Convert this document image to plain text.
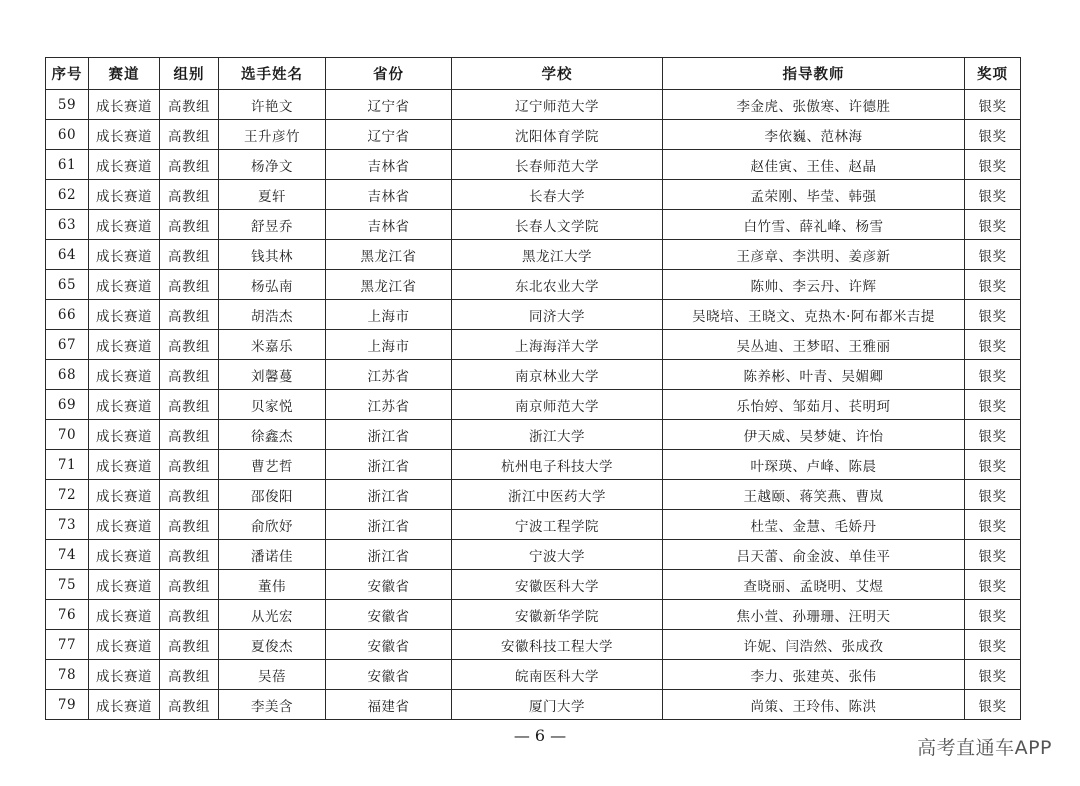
序号	赛道	组别	选手姓名	省份	学校	指导教师	奖项
59	成长赛道	高教组	许艳文	辽宁省	辽宁师范大学	李金虎、张傲寒、许德胜	银奖
60	成长赛道	高教组	王升彦竹	辽宁省	沈阳体育学院	李依巍、范林海	银奖
61	成长赛道	高教组	杨净文	吉林省	长春师范大学	赵佳寅、王佳、赵晶	银奖
62	成长赛道	高教组	夏轩	吉林省	长春大学	孟荣刚、毕莹、韩强	银奖
63	成长赛道	高教组	舒昱乔	吉林省	长春人文学院	白竹雪、薛礼峰、杨雪	银奖
64	成长赛道	高教组	钱其林	黑龙江省	黑龙江大学	王彦章、李洪明、姜彦新	银奖
65	成长赛道	高教组	杨弘南	黑龙江省	东北农业大学	陈帅、李云丹、许辉	银奖
66	成长赛道	高教组	胡浩杰	上海市	同济大学	吴晓培、王晓文、克热木·阿布都米吉提	银奖
67	成长赛道	高教组	米嘉乐	上海市	上海海洋大学	吴丛迪、王梦昭、王雅丽	银奖
68	成长赛道	高教组	刘馨蔓	江苏省	南京林业大学	陈养彬、叶青、吴媚卿	银奖
69	成长赛道	高教组	贝家悦	江苏省	南京师范大学	乐怡婷、邹茹月、苌明珂	银奖
70	成长赛道	高教组	徐鑫杰	浙江省	浙江大学	伊天威、吴梦婕、许怡	银奖
71	成长赛道	高教组	曹艺哲	浙江省	杭州电子科技大学	叶琛瑛、卢峰、陈晨	银奖
72	成长赛道	高教组	邵俊阳	浙江省	浙江中医药大学	王越颐、蒋笑燕、曹岚	银奖
73	成长赛道	高教组	俞欣妤	浙江省	宁波工程学院	杜莹、金慧、毛娇丹	银奖
74	成长赛道	高教组	潘诺佳	浙江省	宁波大学	吕天蕾、俞金波、单佳平	银奖
75	成长赛道	高教组	董伟	安徽省	安徽医科大学	查晓丽、孟晓明、艾煜	银奖
76	成长赛道	高教组	从光宏	安徽省	安徽新华学院	焦小萱、孙珊珊、汪明天	银奖
77	成长赛道	高教组	夏俊杰	安徽省	安徽科技工程大学	许妮、闫浩然、张成孜	银奖
78	成长赛道	高教组	吴蓓	安徽省	皖南医科大学	李力、张建英、张伟	银奖
79	成长赛道	高教组	李美含	福建省	厦门大学	尚策、王玲伟、陈洪	银奖
— 6 —
高考直通车APP
